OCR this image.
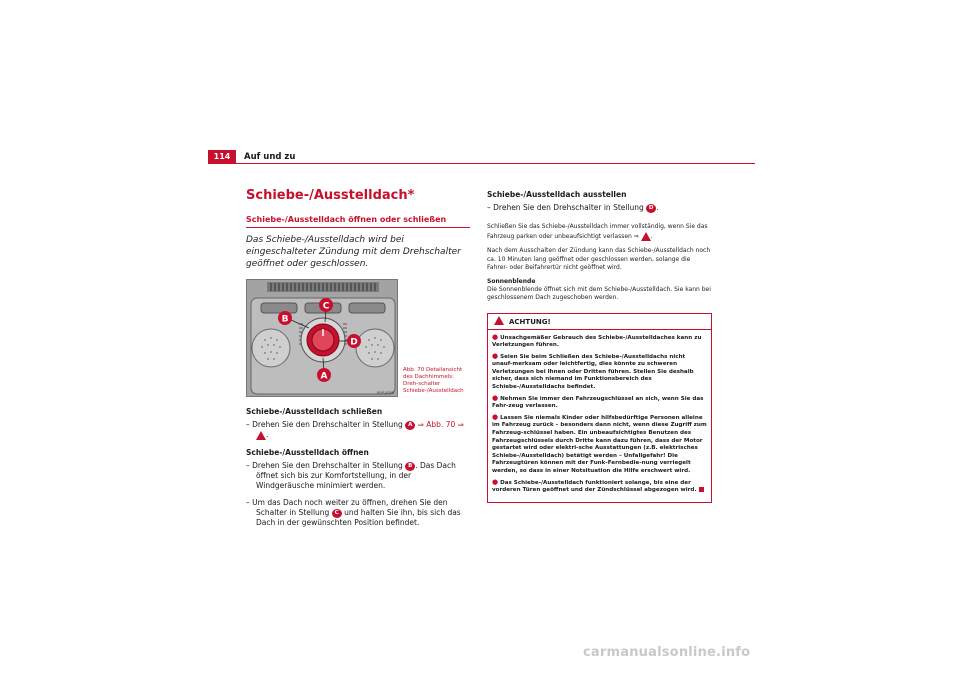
114	Auf und zu
Schiebe-/Ausstelldach*
Schiebe-/Ausstelldach öffnen oder schließen
Das Schiebe-/Ausstelldach wird bei eingeschalteter Zündung mit dem Drehschalter geöffnet oder geschlossen.
B
C
D
A
B5P-0085
Abb. 70 Detailansicht des Dachhimmels: Dreh-schalter Schiebe-/Ausstelldach
Schiebe-/Ausstelldach schließen
– Drehen Sie den Drehschalter in Stellung A ⇒ Abb. 70 ⇒ .
Schiebe-/Ausstelldach öffnen
– Drehen Sie den Drehschalter in Stellung B . Das Dach öffnet sich bis zur Komfortstellung, in der Windgeräusche minimiert werden.
– Um das Dach noch weiter zu öffnen, drehen Sie den Schalter in Stellung C und halten Sie ihn, bis sich das Dach in der gewünschten Position befindet.
Schiebe-/Ausstelldach ausstellen
– Drehen Sie den Drehschalter in Stellung D .
Schließen Sie das Schiebe-/Ausstelldach immer vollständig, wenn Sie das Fahrzeug parken oder unbeaufsichtigt verlassen ⇒ .
Nach dem Ausschalten der Zündung kann das Schiebe-/Ausstelldach noch ca. 10 Minuten lang geöffnet oder geschlossen werden, solange die Fahrer- oder Beifahrertür nicht geöffnet wird.
Sonnenblende
Die Sonnenblende öffnet sich mit dem Schiebe-/Ausstelldach. Sie kann bei geschlossenem Dach zugeschoben werden.
ACHTUNG!
● Unsachgemäßer Gebrauch des Schiebe-/Ausstelldaches kann zu Verletzungen führen.
● Seien Sie beim Schließen des Schiebe-/Ausstelldachs nicht unauf-merksam oder leichtfertig, dies könnte zu schweren Verletzungen bei Ihnen oder Dritten führen. Stellen Sie deshalb sicher, dass sich niemand im Funktionsbereich des Schiebe-/Ausstelldachs befindet.
● Nehmen Sie immer den Fahrzeugschlüssel an sich, wenn Sie das Fahr-zeug verlassen.
● Lassen Sie niemals Kinder oder hilfsbedürftige Personen alleine im Fahrzeug zurück – besonders dann nicht, wenn diese Zugriff zum Fahrzeug-schlüssel haben. Ein unbeaufsichtigtes Benutzen des Fahrzeugschlüssels durch Dritte kann dazu führen, dass der Motor gestartet wird oder elektri-sche Ausstattungen (z.B. elektrisches Schiebe-/Ausstelldach) betätigt werden – Unfallgefahr! Die Fahrzeugtüren können mit der Funk-Fernbedie-nung verriegelt werden, so dass in einer Notsituation die Hilfe erschwert wird.
● Das Schiebe-/Ausstelldach funktioniert solange, bis eine der vorderen Türen geöffnet und der Zündschlüssel abgezogen wird.
carmanualsonline.info
